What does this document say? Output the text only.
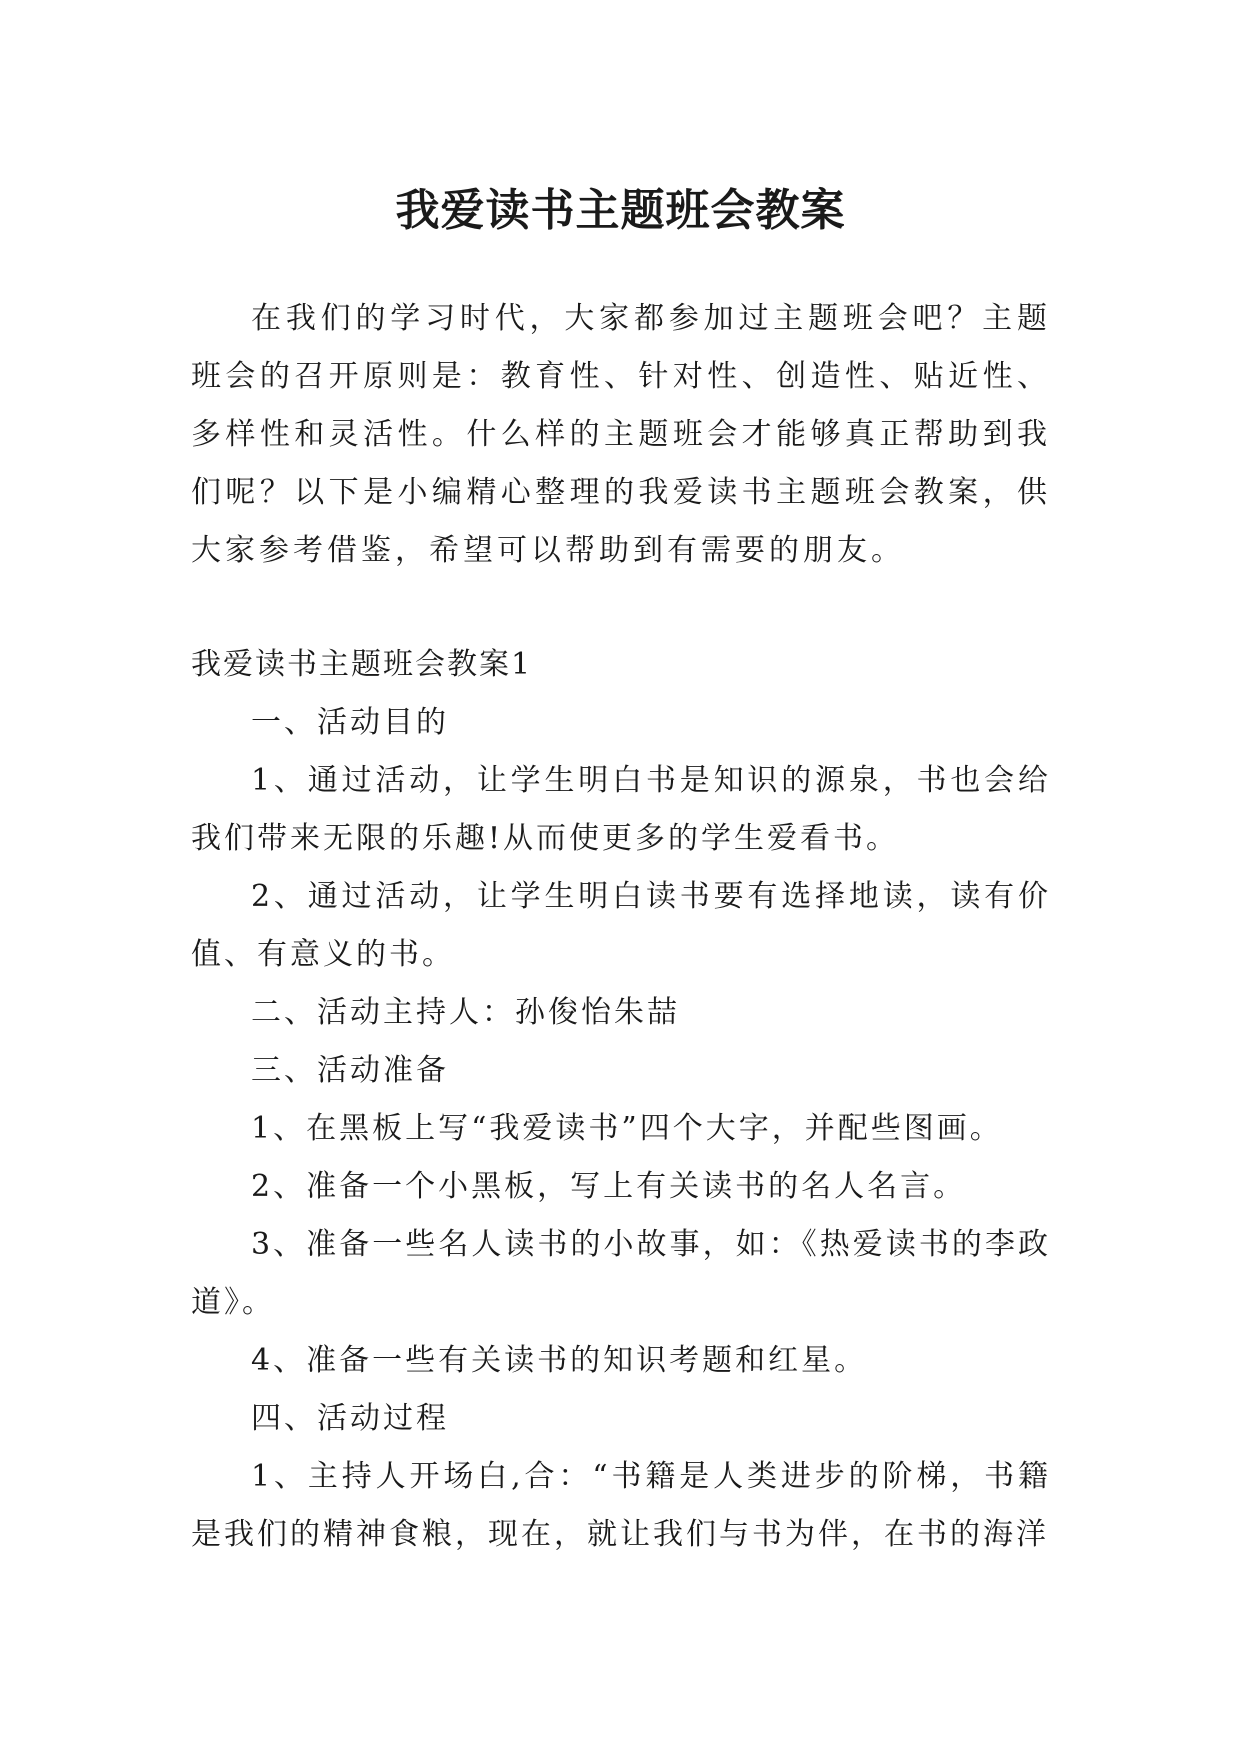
我爱读书主题班会教案

在我们的学习时代，大家都参加过主题班会吧？主题班会的召开原则是：教育性、针对性、创造性、贴近性、多样性和灵活性。什么样的主题班会才能够真正帮助到我们呢？以下是小编精心整理的我爱读书主题班会教案，供大家参考借鉴，希望可以帮助到有需要的朋友。

我爱读书主题班会教案1

一、活动目的

1、通过活动，让学生明白书是知识的源泉，书也会给我们带来无限的乐趣!从而使更多的学生爱看书。

2、通过活动，让学生明白读书要有选择地读，读有价值、有意义的书。

二、活动主持人：孙俊怡朱喆

三、活动准备

1、在黑板上写“我爱读书”四个大字，并配些图画。

2、准备一个小黑板，写上有关读书的名人名言。

3、准备一些名人读书的小故事，如：《热爱读书的李政道》。

4、准备一些有关读书的知识考题和红星。

四、活动过程

1、主持人开场白,合：“书籍是人类进步的阶梯，书籍是我们的精神食粮，现在，就让我们与书为伴，在书的海洋
